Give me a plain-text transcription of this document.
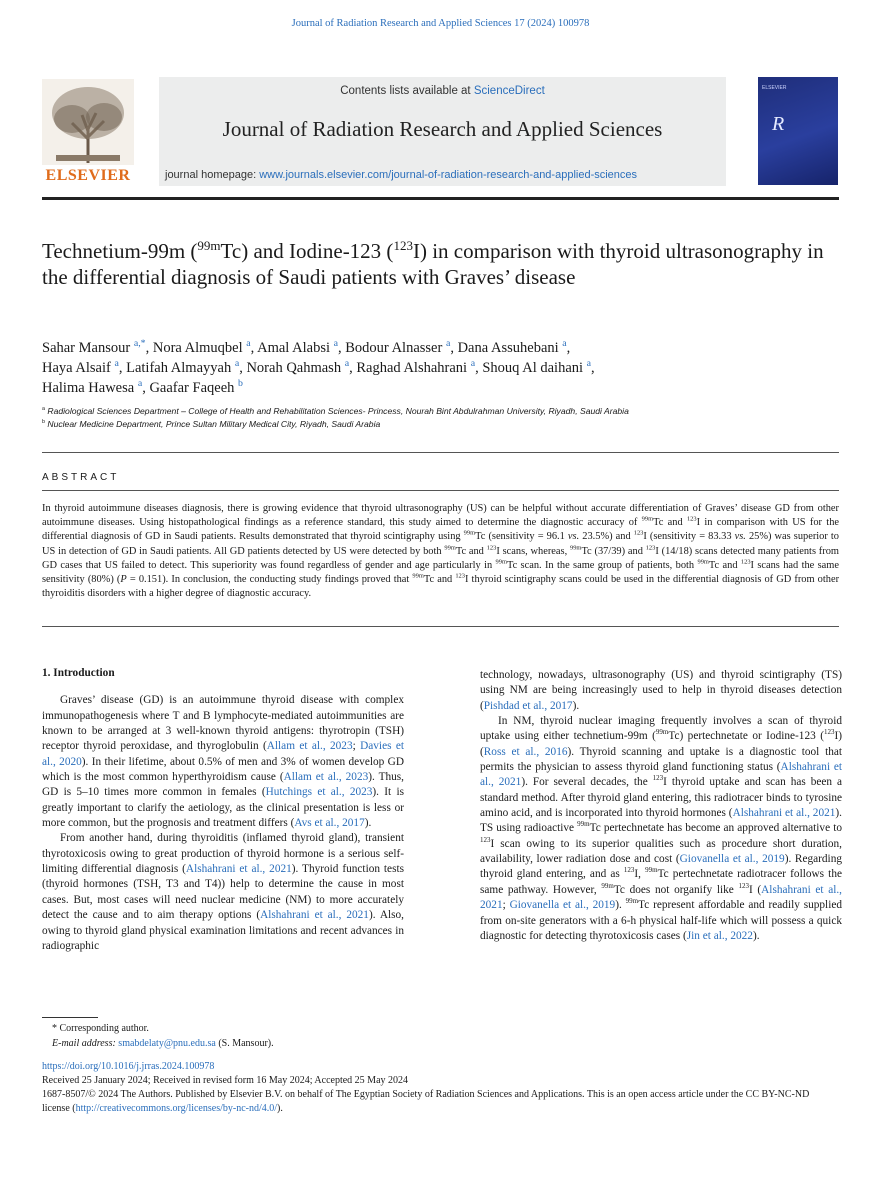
Journal of Radiation Research and Applied Sciences 17 (2024) 100978
ELSEVIER
Contents lists available at ScienceDirect
Journal of Radiation Research and Applied Sciences
journal homepage: www.journals.elsevier.com/journal-of-radiation-research-and-applied-sciences
ELSEVIER
R
Technetium-99m ($^{99m}$Tc) and Iodine-123 ($^{123}$I) in comparison with thyroid ultrasonography in the differential diagnosis of Saudi patients with Graves’ disease
Sahar Mansour $^{a,*}$, Nora Almuqbel $^a$, Amal Alabsi $^a$, Bodour Alnasser $^a$, Dana Assuhebani $^a$,
Haya Alsaif $^a$, Latifah Almayyah $^a$, Norah Qahmash $^a$, Raghad Alshahrani $^a$, Shouq Al daihani $^a$,
Halima Hawesa $^a$, Gaafar Faqeeh $^b$
$^a$ Radiological Sciences Department – College of Health and Rehabilitation Sciences- Princess, Nourah Bint Abdulrahman University, Riyadh, Saudi Arabia
$^b$ Nuclear Medicine Department, Prince Sultan Military Medical City, Riyadh, Saudi Arabia
ABSTRACT
In thyroid autoimmune diseases diagnosis, there is growing evidence that thyroid ultrasonography (US) can be helpful without accurate differentiation of Graves’ disease GD from other autoimmune diseases. Using histopathological findings as a reference standard, this study aimed to determine the diagnostic accuracy of $^{99m}$Tc and $^{123}$I in comparison with US for the differential diagnosis of GD in Saudi patients. Results demonstrated that thyroid scintigraphy using $^{99m}$Tc (sensitivity = 96.1 vs. 23.5%) and $^{123}$I (sensitivity = 83.33 vs. 25%) was superior to US in detection of GD in Saudi patients. All GD patients detected by US were detected by both $^{99m}$Tc and $^{123}$I scans, whereas, $^{99m}$Tc (37/39) and $^{123}$I (14/18) scans detected many patients from GD cases that US failed to detect. This superiority was found regardless of gender and age particularly in $^{99m}$Tc scan. In the same group of patients, both $^{99m}$Tc and $^{123}$I scans had the same sensitivity (80%) (P = 0.151). In conclusion, the conducting study findings proved that $^{99m}$Tc and $^{123}$I thyroid scintigraphy scans could be used in the differential diagnosis of GD from other thyroiditis disorders with a higher degree of diagnostic accuracy.
1. Introduction

Graves’ disease (GD) is an autoimmune thyroid disease with complex immunopathogenesis where T and B lymphocyte-mediated autoimmunities are known to be arranged at 3 well-known thyroid antigens: thyrotropin (TSH) receptor thyroid peroxidase, and thyroglobulin (Allam et al., 2023; Davies et al., 2020). In their lifetime, about 0.5% of men and 3% of women develop GD which is the most common hyperthyroidism cause (Allam et al., 2023). Thus, GD is 5–10 times more common in females (Hutchings et al., 2023). It is greatly important to clarify the aetiology, as the clinical presentation is less or more common, but the prognosis and treatment differs (Avs et al., 2017).

From another hand, during thyroiditis (inflamed thyroid gland), transient thyrotoxicosis owing to great production of thyroid hormone is a serious self-limiting differential diagnosis (Alshahrani et al., 2021). Thyroid function tests (thyroid hormones (TSH, T3 and T4)) help to determine the cause in most cases. But, most cases will need nuclear medicine (NM) to more accurately detect the cause and to aim therapy options (Alshahrani et al., 2021). Also, owing to thyroid gland physical examination limitations and recent advances in radiographic

technology, nowadays, ultrasonography (US) and thyroid scintigraphy (TS) using NM are being increasingly used to help in thyroid diseases detection (Pishdad et al., 2017).

In NM, thyroid nuclear imaging frequently involves a scan of thyroid uptake using either technetium-99m ($^{99m}$Tc) pertechnetate or Iodine-123 ($^{123}$I) (Ross et al., 2016). Thyroid scanning and uptake is a diagnostic tool that permits the physician to assess thyroid gland functioning status (Alshahrani et al., 2021). For several decades, the $^{123}$I thyroid uptake and scan has been a standard method. After thyroid gland entering, this radiotracer binds to tyrosine amino acid, and is incorporated into thyroid hormones (Alshahrani et al., 2021). TS using radioactive $^{99m}$Tc pertechnetate has become an approved alternative to $^{123}$I scan owing to its superior qualities such as procedure short duration, availability, lower radiation dose and cost (Giovanella et al., 2019). Regarding thyroid gland entering, and as $^{123}$I, $^{99m}$Tc pertechnetate radiotracer follows the same pathway. However, $^{99m}$Tc does not organify like $^{123}$I (Alshahrani et al., 2021; Giovanella et al., 2019). $^{99m}$Tc represent affordable and readily supplied from on-site generators with a 6-h physical half-life which will possess a quick diagnostic for detecting thyrotoxicosis cases (Jin et al., 2022).

* Corresponding author.
E-mail address: smabdelaty@pnu.edu.sa (S. Mansour).
https://doi.org/10.1016/j.jrras.2024.100978
Received 25 January 2024; Received in revised form 16 May 2024; Accepted 25 May 2024
1687-8507/© 2024 The Authors. Published by Elsevier B.V. on behalf of The Egyptian Society of Radiation Sciences and Applications. This is an open access article under the CC BY-NC-ND license (http://creativecommons.org/licenses/by-nc-nd/4.0/).
